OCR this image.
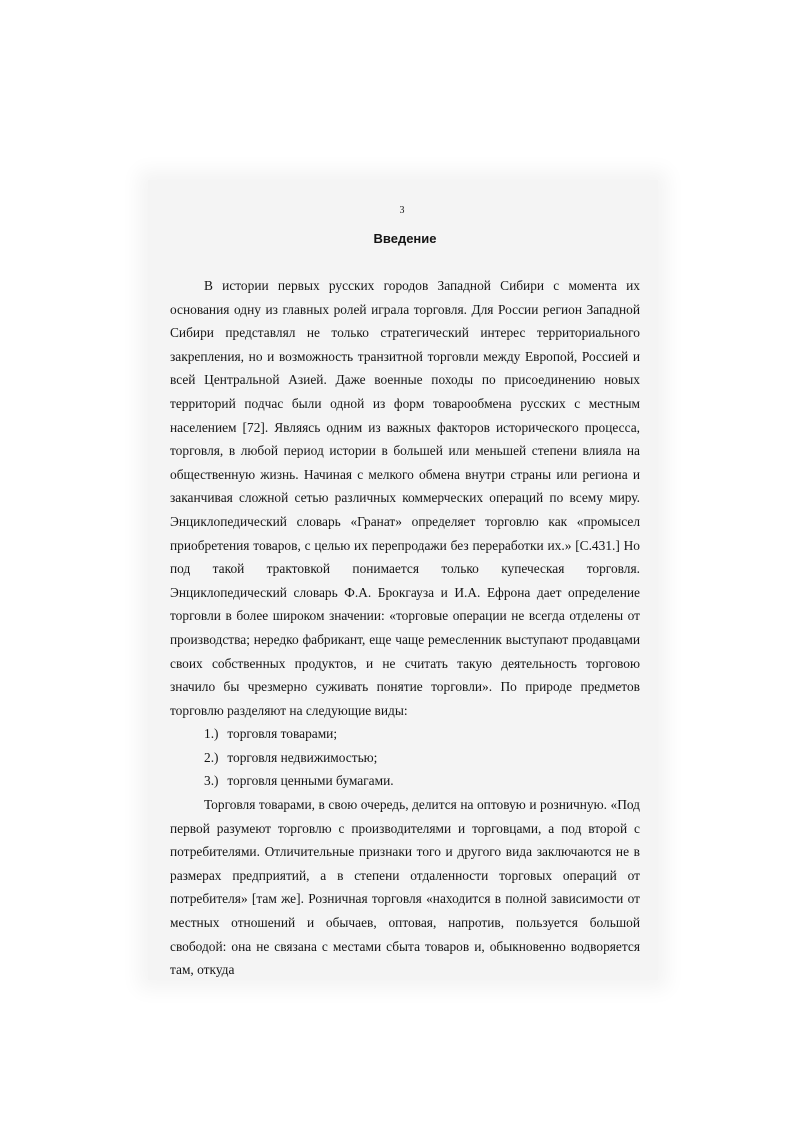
3
Введение

В истории первых русских городов Западной Сибири с момента их основания одну из главных ролей играла торговля. Для России регион Западной Сибири представлял не только стратегический интерес территориального закрепления, но и возможность транзитной торговли между Европой, Россией и всей Центральной Азией. Даже военные походы по присоединению новых территорий подчас были одной из форм товарообмена русских с местным населением [72]. Являясь одним из важных факторов исторического процесса, торговля, в любой период истории в большей или меньшей степени влияла на общественную жизнь. Начиная с мелкого обмена внутри страны или региона и заканчивая сложной сетью различных коммерческих операций по всему миру. Энциклопедический словарь «Гранат» определяет торговлю как «промысел приобретения товаров, с целью их перепродажи без переработки их.» [С.431.] Но под такой трактовкой понимается только купеческая торговля. Энциклопедический словарь Ф.А. Брокгауза и И.А. Ефрона дает определение торговли в более широком значении: «торговые операции не всегда отделены от производства; нередко фабрикант, еще чаще ремесленник выступают продавцами своих собственных продуктов, и не считать такую деятельность торговою значило бы чрезмерно суживать понятие торговли». По природе предметов торговлю разделяют на следующие виды:

1.) торговля товарами;
2.) торговля недвижимостью;
3.) торговля ценными бумагами.

Торговля товарами, в свою очередь, делится на оптовую и розничную. «Под первой разумеют торговлю с производителями и торговцами, а под второй с потребителями. Отличительные признаки того и другого вида заключаются не в размерах предприятий, а в степени отдаленности торговых операций от потребителя» [там же]. Розничная торговля «находится в полной зависимости от местных отношений и обычаев, оптовая, напротив, пользуется большой свободой: она не связана с местами сбыта товаров и, обыкновенно водворяется там, откуда
